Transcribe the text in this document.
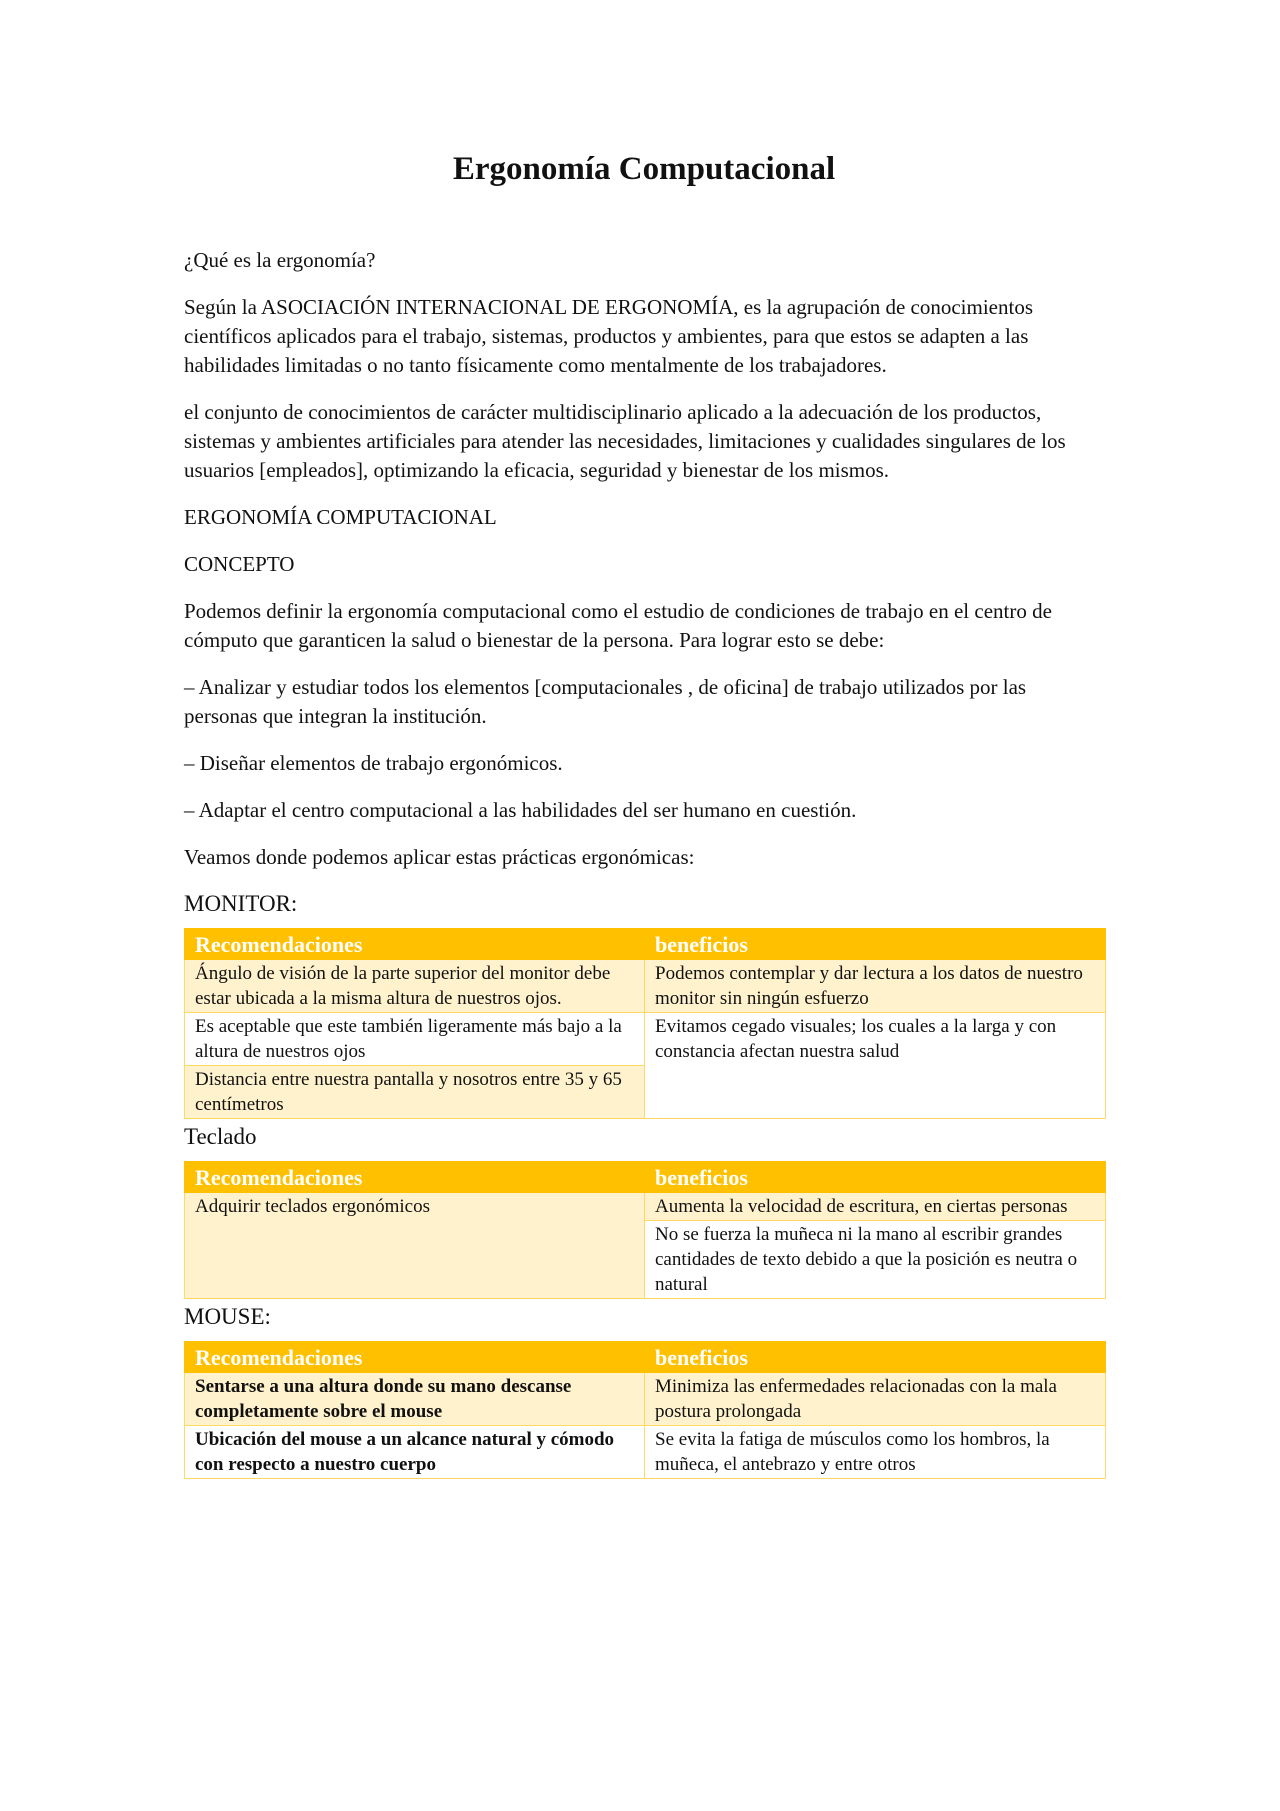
Ergonomía Computacional

¿Qué es la ergonomía?

Según la ASOCIACIÓN INTERNACIONAL DE ERGONOMÍA, es la agrupación de conocimientos científicos aplicados para el trabajo, sistemas, productos y ambientes, para que estos se adapten a las habilidades limitadas o no tanto físicamente como mentalmente de los trabajadores.

el conjunto de conocimientos de carácter multidisciplinario aplicado a la adecuación de los productos, sistemas y ambientes artificiales para atender las necesidades, limitaciones y cualidades singulares de los usuarios [empleados], optimizando la eficacia, seguridad y bienestar de los mismos.

ERGONOMÍA COMPUTACIONAL

CONCEPTO

Podemos definir la ergonomía computacional como el estudio de condiciones de trabajo en el centro de cómputo que garanticen la salud o bienestar de la persona. Para lograr esto se debe:

– Analizar y estudiar todos los elementos [computacionales , de oficina] de trabajo utilizados por las personas que integran la institución.

– Diseñar elementos de trabajo ergonómicos.

– Adaptar el centro computacional a las habilidades del ser humano en cuestión.

Veamos donde podemos aplicar estas prácticas ergonómicas:

MONITOR:
Recomendaciones	beneficios
Ángulo de visión de la parte superior del monitor debe estar ubicada a la misma altura de nuestros ojos.	Podemos contemplar y dar lectura a los datos de nuestro monitor sin ningún esfuerzo
Es aceptable que este también ligeramente más bajo a la altura de nuestros ojos	Evitamos cegado visuales; los cuales a la larga y con constancia afectan nuestra salud
Distancia entre nuestra pantalla y nosotros entre 35 y 65 centímetros	
Teclado
Recomendaciones	beneficios
Adquirir teclados ergonómicos	Aumenta la velocidad de escritura, en ciertas personas
	No se fuerza la muñeca ni la mano al escribir grandes cantidades de texto debido a que la posición es neutra o natural
MOUSE:
Recomendaciones	beneficios
Sentarse a una altura donde su mano descanse completamente sobre el mouse	Minimiza las enfermedades relacionadas con la mala postura prolongada
Ubicación del mouse a un alcance natural y cómodo con respecto a nuestro cuerpo	Se evita la fatiga de músculos como los hombros, la muñeca, el antebrazo y entre otros
